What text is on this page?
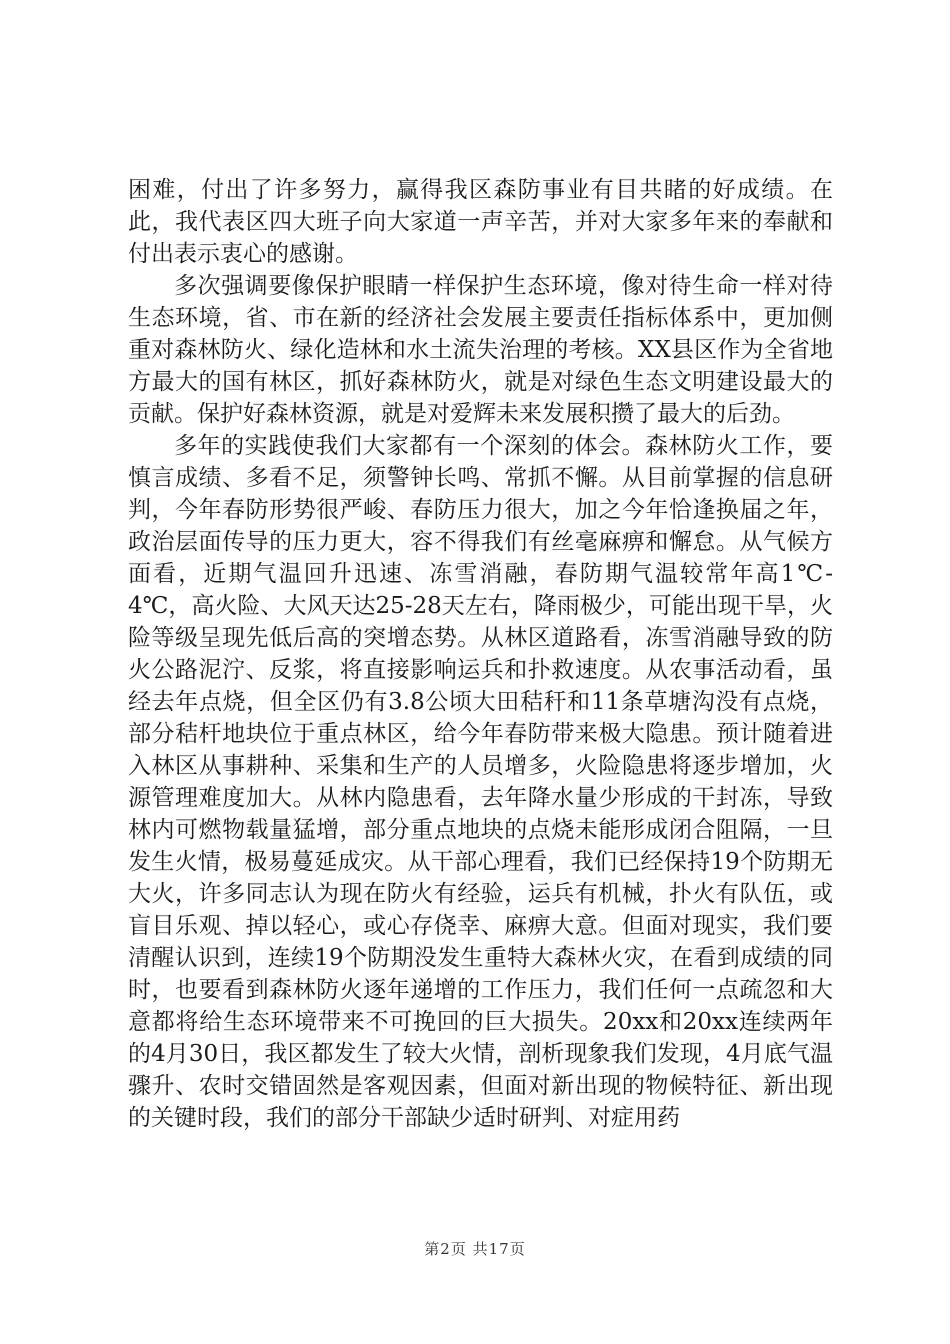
困难，付出了许多努力，赢得我区森防事业有目共睹的好成绩。在此，我代表区四大班子向大家道一声辛苦，并对大家多年来的奉献和付出表示衷心的感谢。

多次强调要像保护眼睛一样保护生态环境，像对待生命一样对待生态环境，省、市在新的经济社会发展主要责任指标体系中，更加侧重对森林防火、绿化造林和水土流失治理的考核。XX县区作为全省地方最大的国有林区，抓好森林防火，就是对绿色生态文明建设最大的贡献。保护好森林资源，就是对爱辉未来发展积攒了最大的后劲。

多年的实践使我们大家都有一个深刻的体会。森林防火工作，要慎言成绩、多看不足，须警钟长鸣、常抓不懈。从目前掌握的信息研判，今年春防形势很严峻、春防压力很大，加之今年恰逢换届之年，政治层面传导的压力更大，容不得我们有丝毫麻痹和懈怠。从气候方面看，近期气温回升迅速、冻雪消融，春防期气温较常年高1℃-4℃，高火险、大风天达25-28天左右，降雨极少，可能出现干旱，火险等级呈现先低后高的突增态势。从林区道路看，冻雪消融导致的防火公路泥泞、反浆，将直接影响运兵和扑救速度。从农事活动看，虽经去年点烧，但全区仍有3.8公顷大田秸秆和11条草塘沟没有点烧，部分秸杆地块位于重点林区，给今年春防带来极大隐患。预计随着进入林区从事耕种、采集和生产的人员增多，火险隐患将逐步增加，火源管理难度加大。从林内隐患看，去年降水量少形成的干封冻，导致林内可燃物载量猛增，部分重点地块的点烧未能形成闭合阻隔，一旦发生火情，极易蔓延成灾。从干部心理看，我们已经保持19个防期无大火，许多同志认为现在防火有经验，运兵有机械，扑火有队伍，或盲目乐观、掉以轻心，或心存侥幸、麻痹大意。但面对现实，我们要清醒认识到，连续19个防期没发生重特大森林火灾，在看到成绩的同时，也要看到森林防火逐年递增的工作压力，我们任何一点疏忽和大意都将给生态环境带来不可挽回的巨大损失。20xx和20xx连续两年的4月30日，我区都发生了较大火情，剖析现象我们发现，4月底气温骤升、农时交错固然是客观因素，但面对新出现的物候特征、新出现的关键时段，我们的部分干部缺少适时研判、对症用药

第2页 共17页
